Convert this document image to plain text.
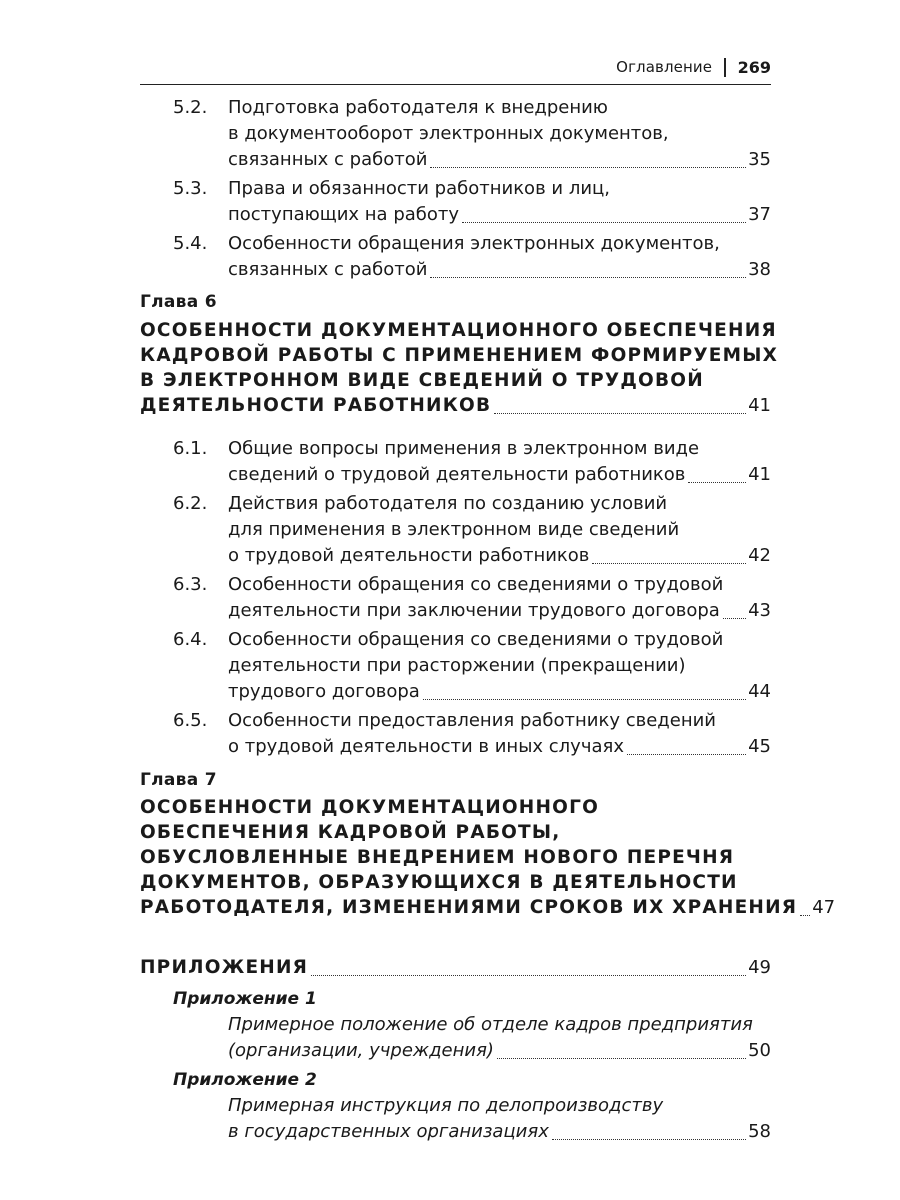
Оглавление 269
5.2. Подготовка работодателя к внедрению
в документооборот электронных документов,
связанных с работой	35
5.3. Права и обязанности работников и лиц,
поступающих на работу	37
5.4. Особенности обращения электронных документов,
связанных с работой	38
Глава 6
ОСОБЕННОСТИ ДОКУМЕНТАЦИОННОГО ОБЕСПЕЧЕНИЯ
КАДРОВОЙ РАБОТЫ С ПРИМЕНЕНИЕМ ФОРМИРУЕМЫХ
В ЭЛЕКТРОННОМ ВИДЕ СВЕДЕНИЙ О ТРУДОВОЙ
ДЕЯТЕЛЬНОСТИ РАБОТНИКОВ	41
6.1. Общие вопросы применения в электронном виде
сведений о трудовой деятельности работников	41
6.2. Действия работодателя по созданию условий
для применения в электронном виде сведений
о трудовой деятельности работников	42
6.3. Особенности обращения со сведениями о трудовой
деятельности при заключении трудового договора 43
6.4. Особенности обращения со сведениями о трудовой
деятельности при расторжении (прекращении)
трудового договора	44
6.5. Особенности предоставления работнику сведений
о трудовой деятельности в иных случаях	45
Глава 7
ОСОБЕННОСТИ ДОКУМЕНТАЦИОННОГО
ОБЕСПЕЧЕНИЯ КАДРОВОЙ РАБОТЫ,
ОБУСЛОВЛЕННЫЕ ВНЕДРЕНИЕМ НОВОГО ПЕРЕЧНЯ
ДОКУМЕНТОВ, ОБРАЗУЮЩИХСЯ В ДЕЯТЕЛЬНОСТИ
РАБОТОДАТЕЛЯ, ИЗМЕНЕНИЯМИ СРОКОВ ИХ ХРАНЕНИЯ 47
ПРИЛОЖЕНИЯ	49
Приложение 1
Примерное положение об отделе кадров предприятия
(организации, учреждения)	50
Приложение 2
Примерная инструкция по делопроизводству
в государственных организациях	58
